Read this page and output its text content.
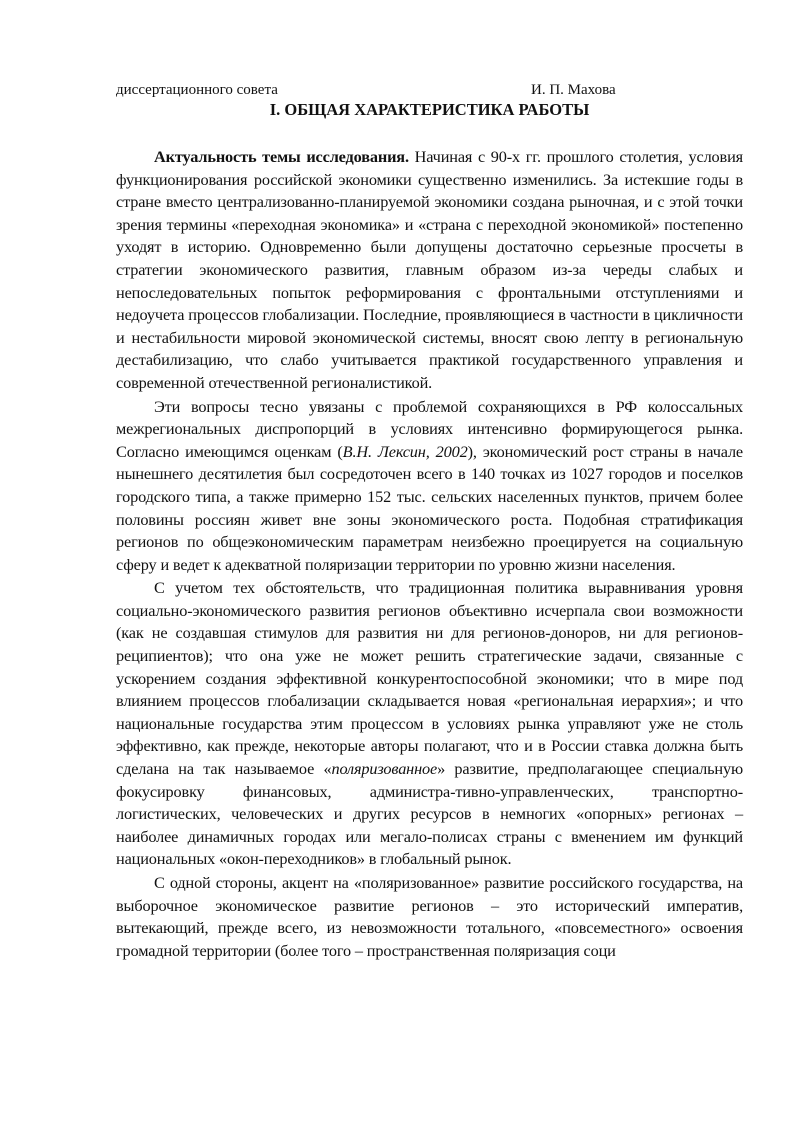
диссертационного совета	И. П. Махова
I. ОБЩАЯ ХАРАКТЕРИСТИКА РАБОТЫ

Актуальность темы исследования. Начиная с 90-х гг. прошлого столетия, условия функционирования российской экономики существенно изменились. За истекшие годы в стране вместо централизованно-планируемой экономики создана рыночная, и с этой точки зрения термины «переходная экономика» и «страна с переходной экономикой» постепенно уходят в историю. Одновременно были допущены достаточно серьезные просчеты в стратегии экономического развития, главным образом из-за череды слабых и непоследовательных попыток реформирования с фронтальными отступлениями и недоучета процессов глобализации. Последние, проявляющиеся в частности в цикличности и нестабильности мировой экономической системы, вносят свою лепту в региональную дестабилизацию, что слабо учитывается практикой государственного управления и современной отечественной регионалистикой.

Эти вопросы тесно увязаны с проблемой сохраняющихся в РФ колоссальных межрегиональных диспропорций в условиях интенсивно формирующегося рынка. Согласно имеющимся оценкам (В.Н. Лексин, 2002), экономический рост страны в начале нынешнего десятилетия был сосредоточен всего в 140 точках из 1027 городов и поселков городского типа, а также примерно 152 тыс. сельских населенных пунктов, причем более половины россиян живет вне зоны экономического роста. Подобная стратификация регионов по общеэкономическим параметрам неизбежно проецируется на социальную сферу и ведет к адекватной поляризации территории по уровню жизни населения.

С учетом тех обстоятельств, что традиционная политика выравнивания уровня социально-экономического развития регионов объективно исчерпала свои возможности (как не создавшая стимулов для развития ни для регионов-доноров, ни для регионов-реципиентов); что она уже не может решить стратегические задачи, связанные с ускорением создания эффективной конкурентоспособной экономики; что в мире под влиянием процессов глобализации складывается новая «региональная иерархия»; и что национальные государства этим процессом в условиях рынка управляют уже не столь эффективно, как прежде, некоторые авторы полагают, что и в России ставка должна быть сделана на так называемое «поляризованное» развитие, предполагающее специальную фокусировку финансовых, администра-тивно-управленческих, транспортно-логистических, человеческих и других ресурсов в немногих «опорных» регионах – наиболее динамичных городах или мегало-полисах страны с вменением им функций национальных «окон-переходников» в глобальный рынок.

С одной стороны, акцент на «поляризованное» развитие российского государства, на выборочное экономическое развитие регионов – это исторический императив, вытекающий, прежде всего, из невозможности тотального, «повсеместного» освоения громадной территории (более того – пространственная поляризация соци
